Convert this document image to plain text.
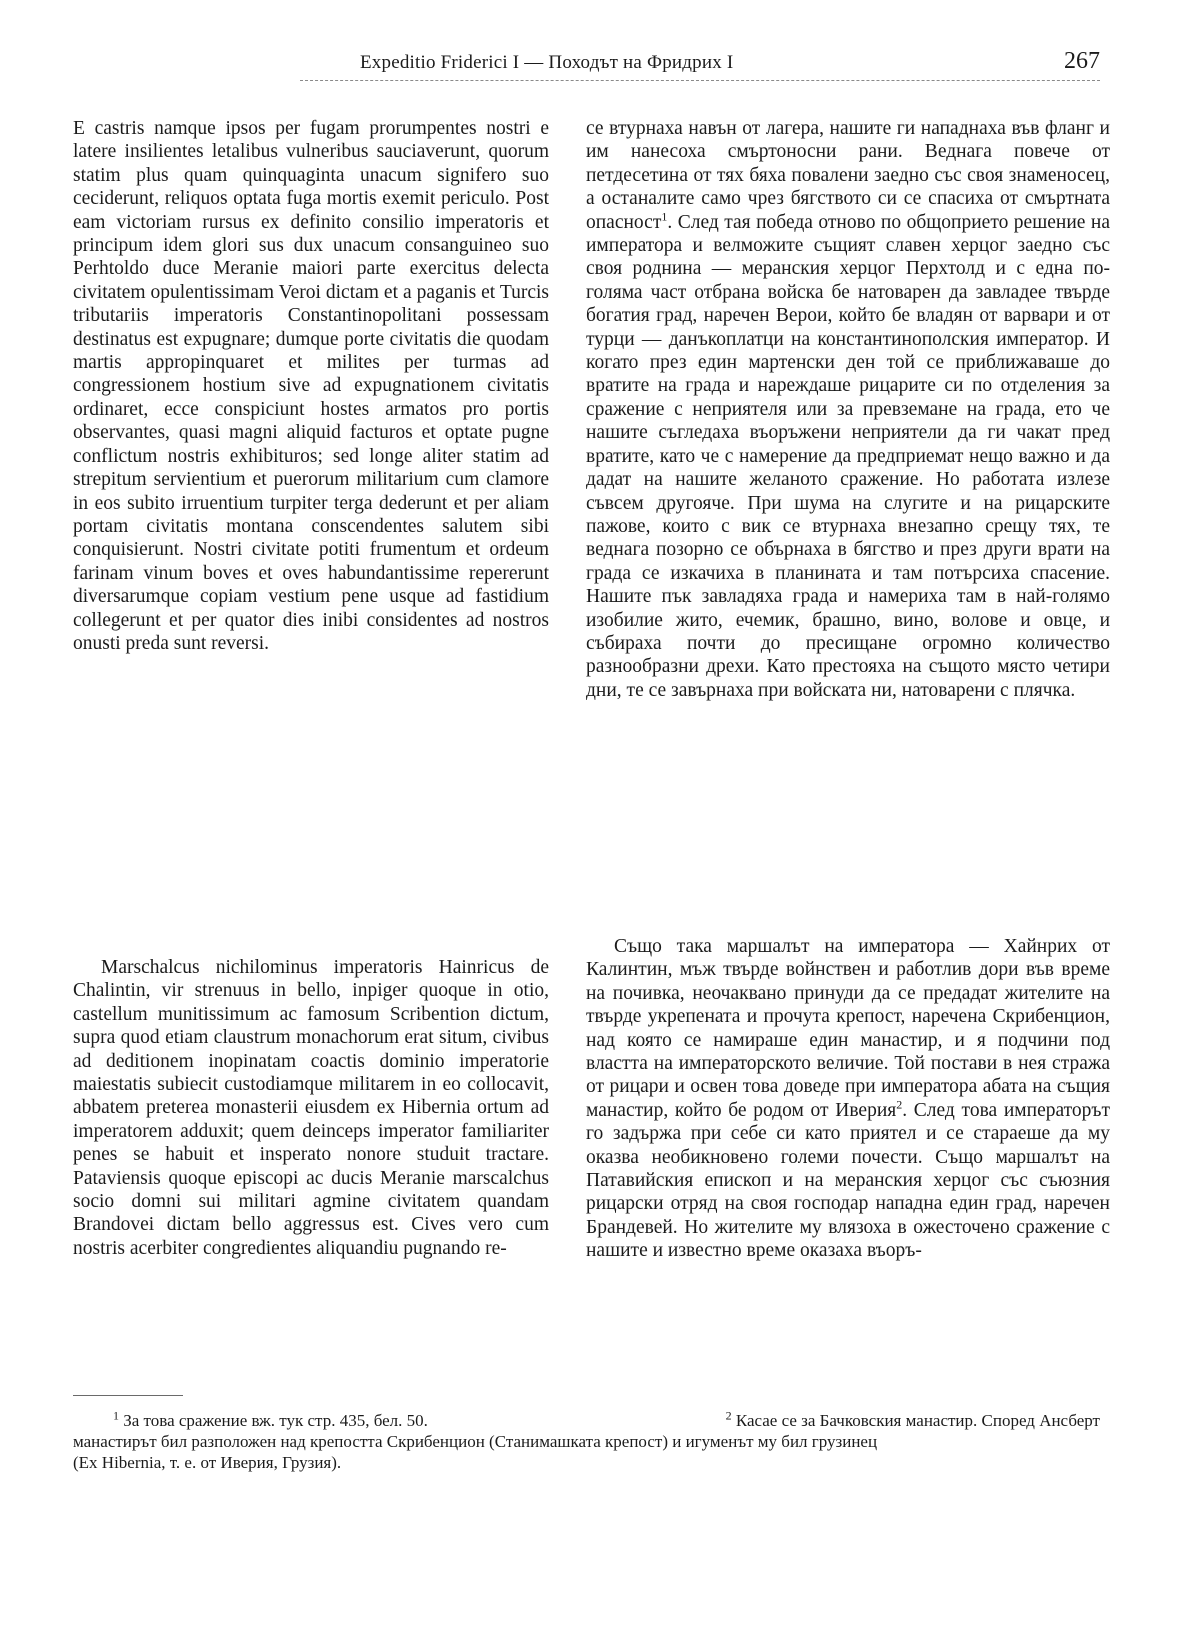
Expeditio Friderici I — Походът на Фридрих I	267

E castris namque ipsos per fugam prorumpentes nostri e latere insilientes letalibus vulneribus sauciaverunt, quorum statim plus quam quinquaginta unacum signifero suo ceciderunt, reliquos optata fuga mortis exemit periculo. Post eam victoriam rursus ex definito consilio imperatoris et principum idem glori sus dux unacum consanguineo suo Perhtoldo duce Meranie maiori parte exercitus delecta civitatem opulentissimam Veroi dictam et a paganis et Turcis tributariis imperatoris Constantinopolitani possessam destinatus est expugnare; dumque porte civitatis die quodam martis appropinquaret et milites per turmas ad congressionem hostium sive ad expugnationem civitatis ordinaret, ecce conspiciunt hostes armatos pro portis observantes, quasi magni aliquid facturos et optate pugne conflictum nostris exhibituros; sed longe aliter statim ad strepitum servientium et puerorum militarium cum clamore in eos subito irruentium turpiter terga dederunt et per aliam portam civitatis montana conscendentes salutem sibi conquisierunt. Nostri civitate potiti frumentum et ordeum farinam vinum boves et oves habundantissime repererunt diversarumque copiam vestium pene usque ad fastidium collegerunt et per quator dies inibi considentes ad nostros onusti preda sunt reversi.

Marschalcus nichilominus imperatoris Hainricus de Chalintin, vir strenuus in bello, inpiger quoque in otio, castellum munitissimum ac famosum Scribention dictum, supra quod etiam claustrum monachorum erat situm, civibus ad deditionem inopinatam coactis dominio imperatorie maiestatis subiecit custodiamque militarem in eo collocavit, abbatem preterea monasterii eiusdem ex Hibernia ortum ad imperatorem adduxit; quem deinceps imperator familiariter penes se habuit et insperato nonore studuit tractare. Pataviensis quoque episcopi ac ducis Meranie marscalchus socio domni sui militari agmine civitatem quandam Brandovei dictam bello aggressus est. Cives vero cum nostris acerbiter congredientes aliquandiu pugnando re-

се втурнаха навън от лагера, нашите ги нападнаха във фланг и им нанесоха смъртоносни рани. Веднага повече от петдесетина от тях бяха повалени заедно със своя знаменосец, а останалите само чрез бягството си се спасиха от смъртната опасност$^1$. След тая победа отново по общоприето решение на императора и велможите същият славен херцог заедно със своя роднина — меранския херцог Перхтолд и с една по-голяма част отбрана войска бе натоварен да завладее твърде богатия град, наречен Верои, който бе владян от варвари и от турци — данъкоплатци на константинополския император. И когато през един мартенски ден той се приближаваше до вратите на града и нареждаше рицарите си по отделения за сражение с неприятеля или за превземане на града, ето че нашите съгледаха въоръжени неприятели да ги чакат пред вратите, като че с намерение да предприемат нещо важно и да дадат на нашите желаното сражение. Но работата излезе съвсем другояче. При шума на слугите и на рицарските пажове, които с вик се втурнаха внезапно срещу тях, те веднага позорно се обърнаха в бягство и през други врати на града се изкачиха в планината и там потърсиха спасение. Нашите пък завладяха града и намериха там в най-голямо изобилие жито, ечемик, брашно, вино, волове и овце, и събираха почти до пресищане огромно количество разнообразни дрехи. Като престояха на същото място четири дни, те се завърнаха при войската ни, натоварени с плячка.

Също така маршалът на императора — Хайнрих от Калинтин, мъж твърде войнствен и работлив дори във време на почивка, неочаквано принуди да се предадат жителите на твърде укрепената и прочута крепост, наречена Скрибенцион, над която се намираше един манастир, и я подчини под властта на императорското величие. Той постави в нея стража от рицари и освен това доведе при императора абата на същия манастир, който бе родом от Иверия$^2$. След това императорът го задържа при себе си като приятел и се стараеше да му оказва необикновено големи почести. Също маршалът на Патавийския епископ и на меранския херцог със съюзния рицарски отряд на своя господар нападна един град, наречен Брандевей. Но жителите му влязоха в ожесточено сражение с нашите и известно време оказаха въоръ-

$^1$ За това сражение вж. тук стр. 435, бел. 50.	$^2$ Касае се за Бачковския манастир. Според Ансберт
манастирът бил разположен над крепостта Скрибенцион (Станимашката крепост) и игуменът му бил грузинец
(Ex Hibernia, т. е. от Иверия, Грузия).
